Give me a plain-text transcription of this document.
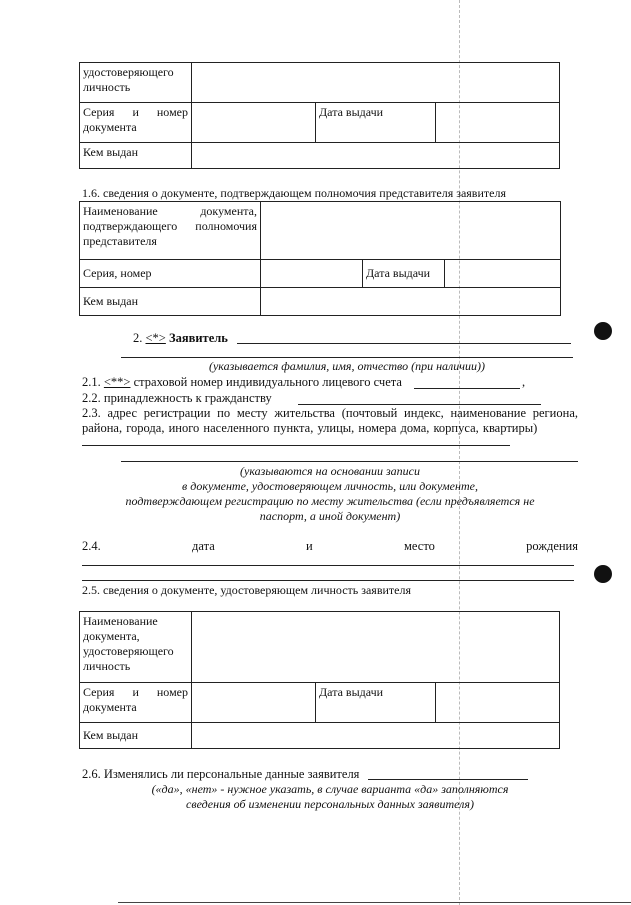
удостоверяющего личность			
Серия и номер документа		Дата выдачи	
Кем выдан			
1.6. сведения о документе, подтверждающем полномочия представителя заявителя
Наименование документа, подтверждающего полномочия представителя			
Серия, номер		Дата выдачи	
Кем выдан			
2. <*> Заявитель
(указывается фамилия, имя, отчество (при наличии))
2.1. <**> страховой номер индивидуального лицевого счета	,
2.2. принадлежность к гражданству
2.3. адрес регистрации по месту жительства (почтовый индекс, наименование региона, района, города, иного населенного пункта, улицы, номера дома, корпуса, квартиры)
(указываются на основании записи
в документе, удостоверяющем личность, или документе,
подтверждающем регистрацию по месту жительства (если предъявляется не
паспорт, а иной документ)
2.4. дата и место рождения
2.5. сведения о документе, удостоверяющем личность заявителя
Наименование документа, удостоверяющего личность			
Серия и номер документа		Дата выдачи	
Кем выдан			
2.6. Изменялись ли персональные данные заявителя
(«да», «нет» - нужное указать, в случае варианта «да» заполняются
сведения об изменении персональных данных заявителя)
